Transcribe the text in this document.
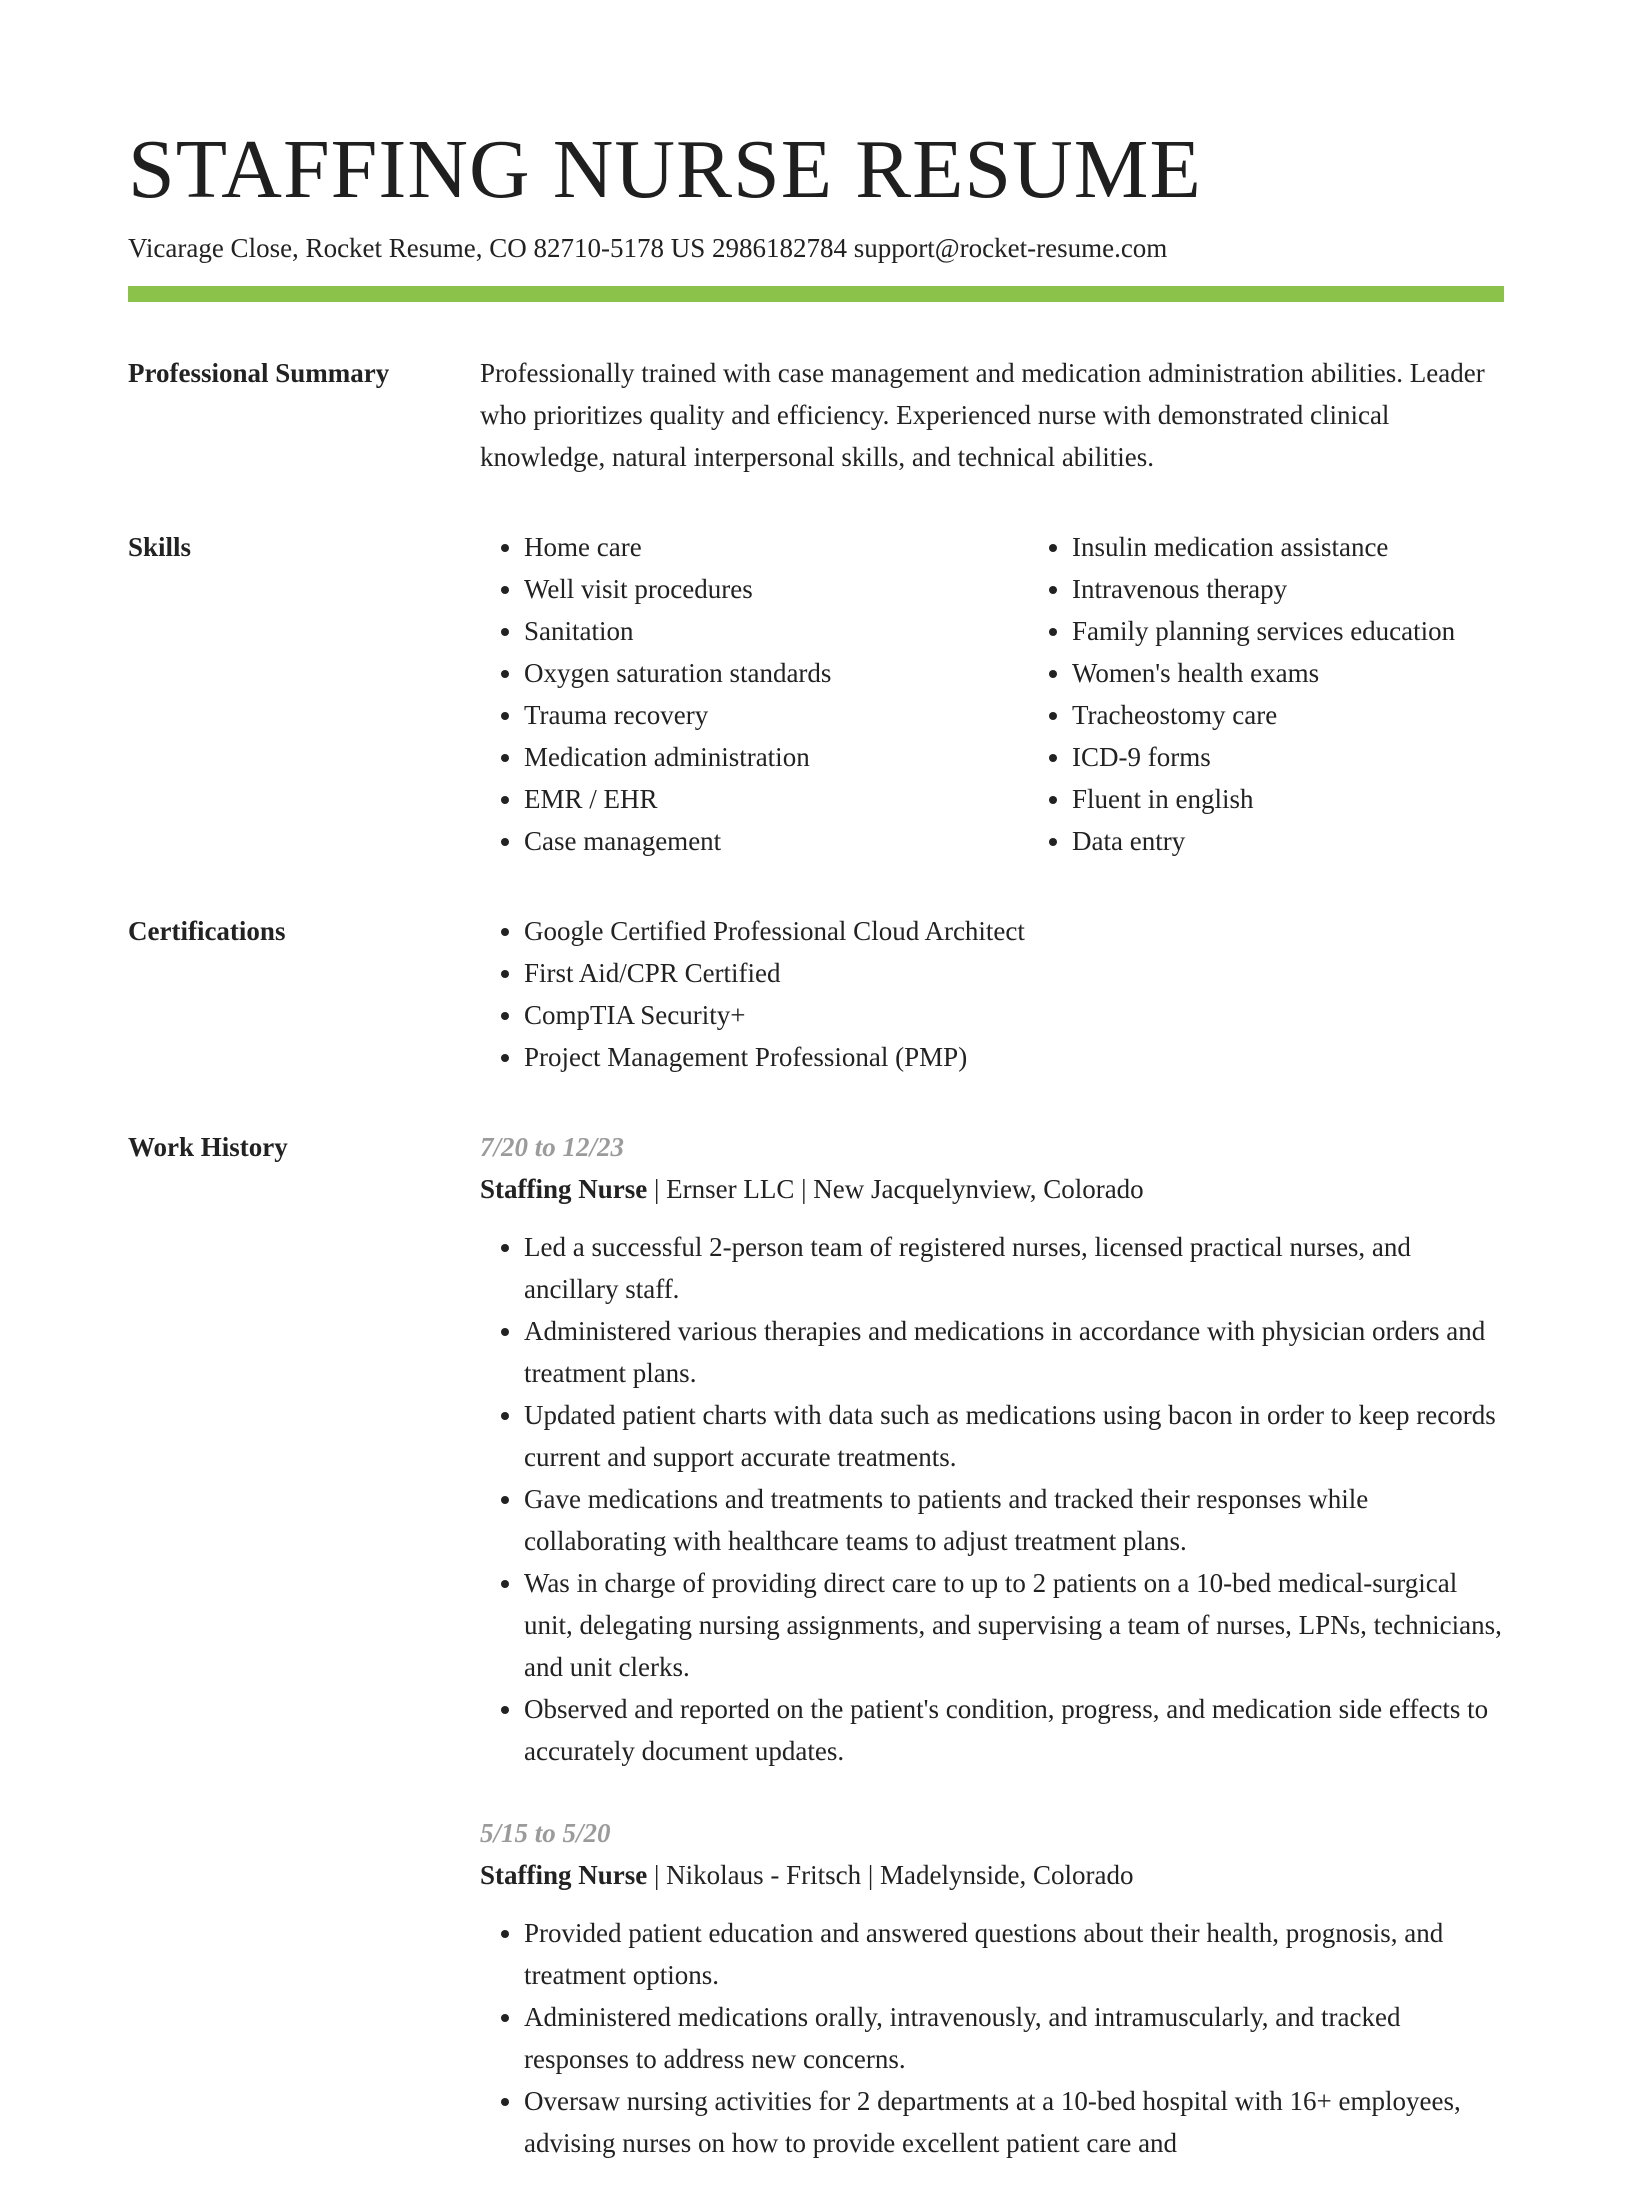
STAFFING NURSE RESUME
Vicarage Close, Rocket Resume, CO 82710-5178 US 2986182784 support@rocket-resume.com
Professional Summary	Professionally trained with case management and medication administration abilities. Leader who prioritizes quality and efficiency. Experienced nurse with demonstrated clinical knowledge, natural interpersonal skills, and technical abilities.
Skills	• Home care
• Well visit procedures
• Sanitation
• Oxygen saturation standards
• Trauma recovery
• Medication administration
• EMR / EHR
• Case management
• Insulin medication assistance
• Intravenous therapy
• Family planning services education
• Women's health exams
• Tracheostomy care
• ICD-9 forms
• Fluent in english
• Data entry
Certifications	• Google Certified Professional Cloud Architect
• First Aid/CPR Certified
• CompTIA Security+
• Project Management Professional (PMP)
Work History	7/20 to 12/23
Staffing Nurse | Ernser LLC | New Jacquelynview, Colorado
• Led a successful 2-person team of registered nurses, licensed practical nurses, and ancillary staff.
• Administered various therapies and medications in accordance with physician orders and treatment plans.
• Updated patient charts with data such as medications using bacon in order to keep records current and support accurate treatments.
• Gave medications and treatments to patients and tracked their responses while collaborating with healthcare teams to adjust treatment plans.
• Was in charge of providing direct care to up to 2 patients on a 10-bed medical-surgical unit, delegating nursing assignments, and supervising a team of nurses, LPNs, technicians, and unit clerks.
• Observed and reported on the patient's condition, progress, and medication side effects to accurately document updates.
5/15 to 5/20
Staffing Nurse | Nikolaus - Fritsch | Madelynside, Colorado
• Provided patient education and answered questions about their health, prognosis, and treatment options.
• Administered medications orally, intravenously, and intramuscularly, and tracked responses to address new concerns.
• Oversaw nursing activities for 2 departments at a 10-bed hospital with 16+ employees, advising nurses on how to provide excellent patient care and
